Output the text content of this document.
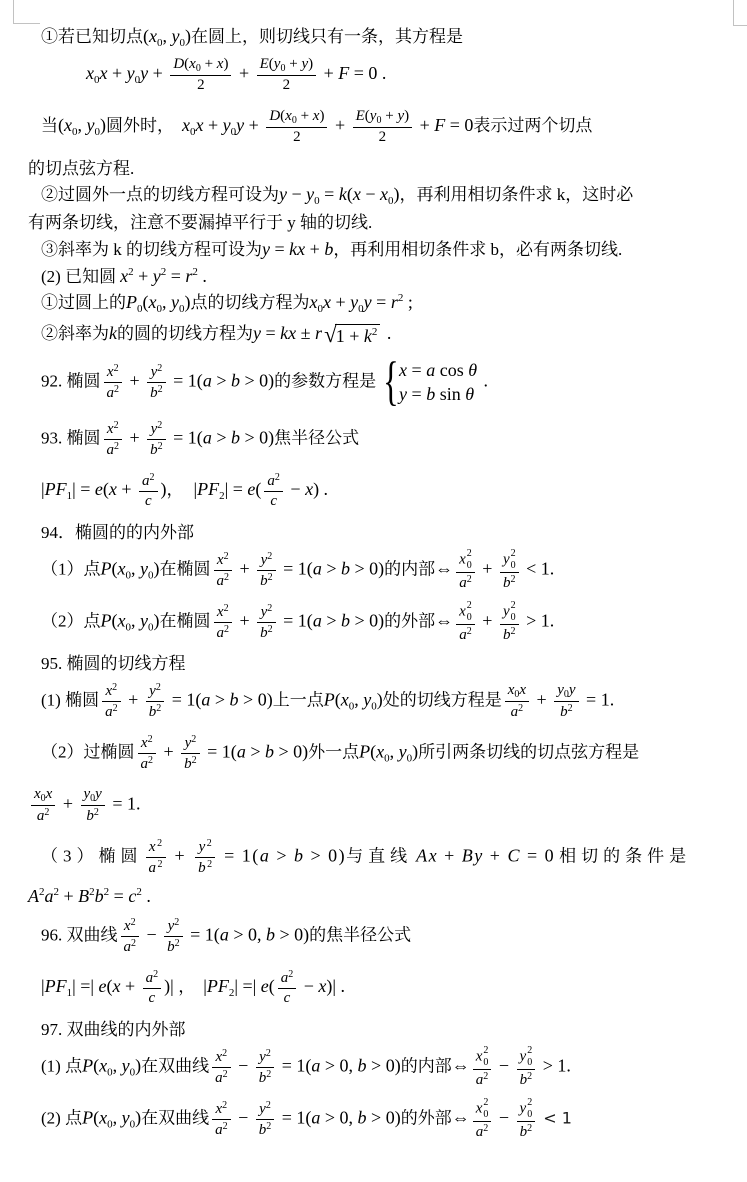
①若已知切点($x_0$, $y_0$)在圆上，则切线只有一条，其方程是
$x_0x + y_0y + \frac{D(x_0 + x)}{2} + \frac{E(y_0 + y)}{2} + F = 0$ .
当($x_0$, $y_0$)圆外时， $x_0x + y_0y + \frac{D(x_0 + x)}{2} + \frac{E(y_0 + y)}{2} + F = 0$表示过两个切点
的切点弦方程.
②过圆外一点的切线方程可设为$y - y_0 = k(x - x_0)$，再利用相切条件求 k，这时必
有两条切线，注意不要漏掉平行于 y 轴的切线.
③斜率为 k 的切线方程可设为y = kx + b，再利用相切条件求 b，必有两条切线.
(2) 已知圆 $x^2 + y^2 = r^2$ .
①过圆上的$P_0(x_0$, $y_0$)点的切线方程为$x_0x + y_0y = r^2$ ;
②斜率为k的圆的切线方程为y = kx ± r √ $1 + k^2$ .
92. 椭圆 $\frac{x^2}{a^2} + \frac{y^2}{b^2} = 1(a > b > 0)$的参数方程是 { x = a cos θ
y = b sin θ
.
93. 椭圆 $\frac{x^2}{a^2} + \frac{y^2}{b^2} = 1(a > b > 0)$焦半径公式
$|PF_1| = e(x + \frac{a^2}{c}$ )， $|PF_2| = e( \frac{a^2}{c} - x)$ .
94．椭圆的的内外部
（1）点$P(x_0$, $y_0$)在椭圆 $\frac{x^2}{a^2} + \frac{y^2}{b^2} = 1(a > b > 0)$的内部⇔ x 2
0
$a^2 + y$ 2
0
$b^2 < 1$.
（2）点$P(x_0$, $y_0$)在椭圆 $\frac{x^2}{a^2} + \frac{y^2}{b^2} = 1(a > b > 0)$的外部⇔ x 2
0
$a^2 + y$ 2
0
$b^2 > 1$.
95. 椭圆的切线方程
(1) 椭圆 $\frac{x^2}{a^2} + \frac{y^2}{b^2} = 1(a > b > 0)$上一点$P(x_0$, $y_0$)处的切线方程是 $\frac{x_0x}{a^2} + \frac{y_0y}{b^2} = 1$.
（2）过椭圆 $\frac{x^2}{a^2} + \frac{y^2}{b^2} = 1(a > b > 0)$外一点$P(x_0$, $y_0$)所引两条切线的切点弦方程是
$\frac{x_0x}{a^2} + \frac{y_0y}{b^2} = 1$.
（3）椭圆 $\frac{x^2}{a^2} + \frac{y^2}{b^2} = 1(a > b > 0)$与直线 Ax + By + C = 0 相切的条件是
$A^2a^2 + B^2b^2 = c^2$ .
96. 双曲线 $\frac{x^2}{a^2} - \frac{y^2}{b^2} = 1(a > 0$, b > 0)的焦半径公式
$|PF_1|$ =| $e(x + \frac{a^2}{c}$ )| ， $|PF_2|$ =| $e( \frac{a^2}{c} - x)|$ .
97. 双曲线的内外部
(1) 点$P(x_0$, $y_0$)在双曲线 $\frac{x^2}{a^2} - \frac{y^2}{b^2} = 1(a > 0$, b > 0)的内部⇔ x 2
0
$a^2 - y$ 2
0
$b^2 > 1$.
(2) 点$P(x_0$, $y_0$)在双曲线 $\frac{x^2}{a^2} - \frac{y^2}{b^2} = 1(a > 0$, b > 0)的外部⇔ x 2
0
$a^2 - y$ 2
0
$b^2 < 1$
